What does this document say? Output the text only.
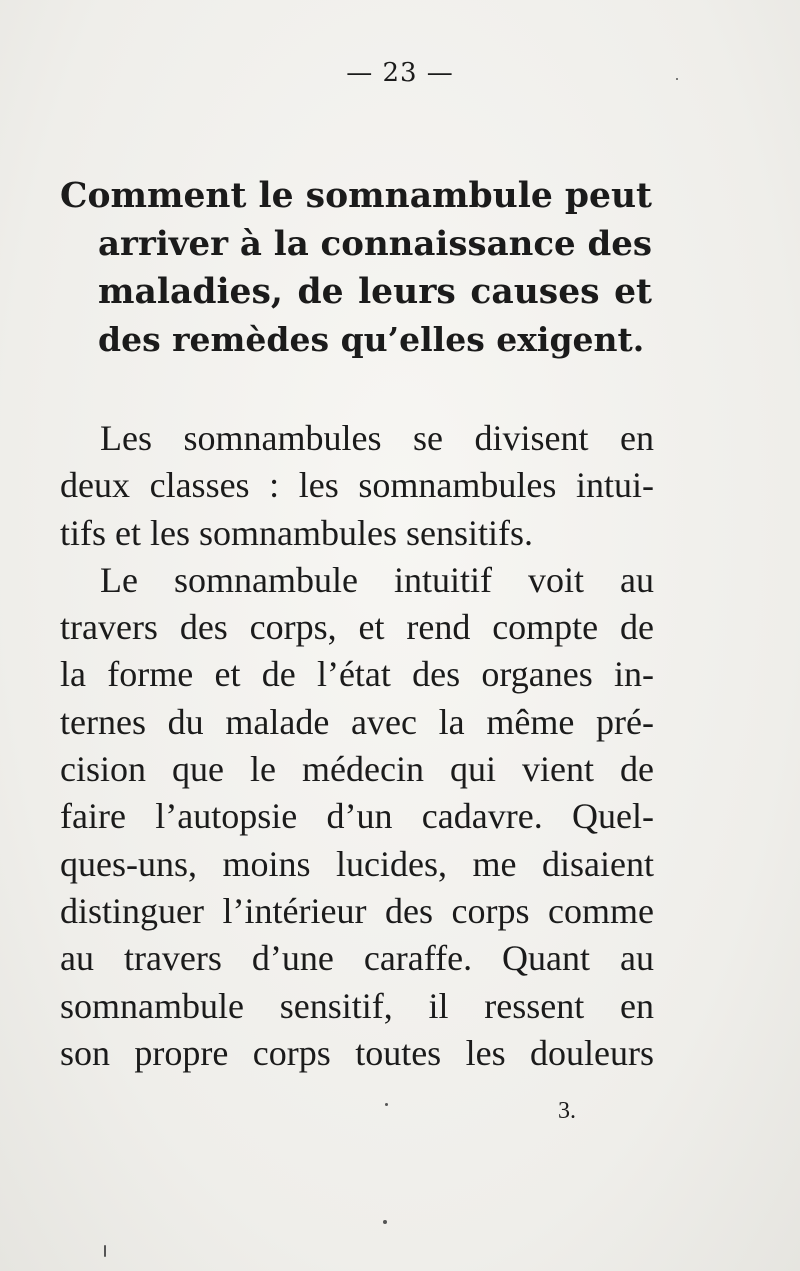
— 23 —
Comment le somnambule peut
arriver à la connaissance des
maladies, de leurs causes et
des remèdes qu’elles exigent.
Les somnambules se divisent en
deux classes : les somnambules intui-
tifs et les somnambules sensitifs.
Le somnambule intuitif voit au
travers des corps, et rend compte de
la forme et de l’état des organes in-
ternes du malade avec la même pré-
cision que le médecin qui vient de
faire l’autopsie d’un cadavre. Quel-
ques-uns, moins lucides, me disaient
distinguer l’intérieur des corps comme
au travers d’une caraffe. Quant au
somnambule sensitif, il ressent en
son propre corps toutes les douleurs
3.
